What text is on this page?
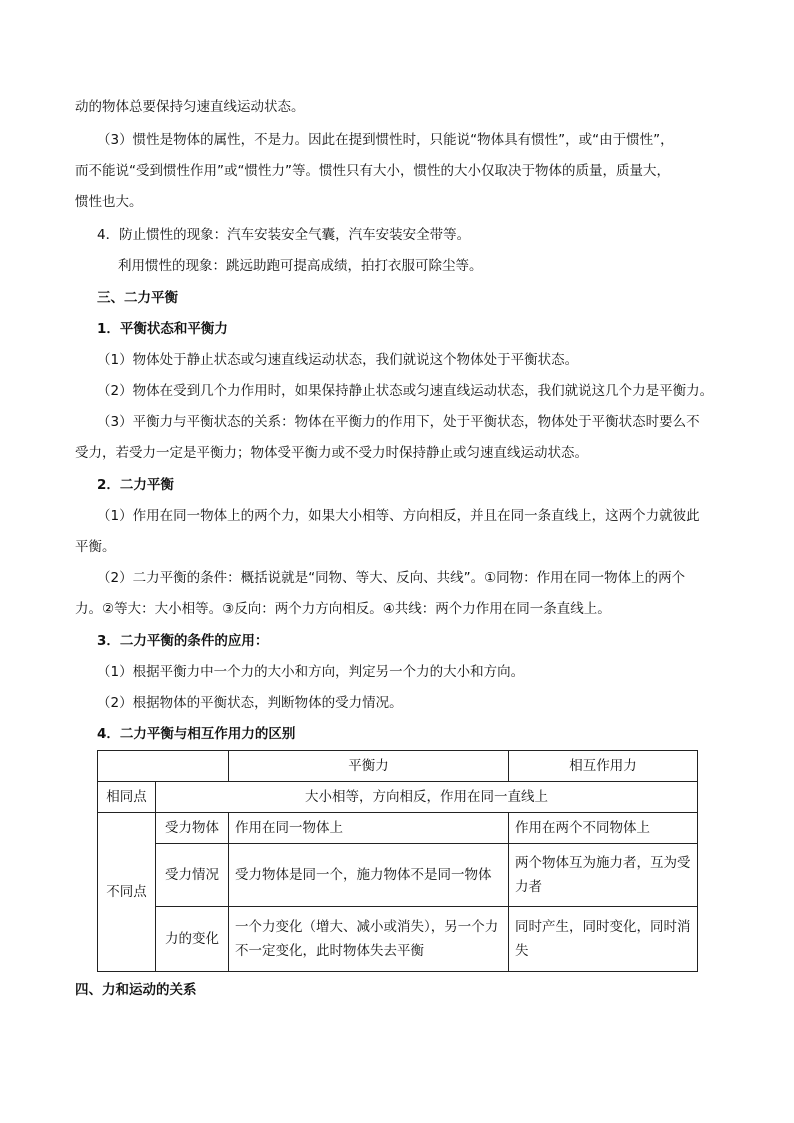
动的物体总要保持匀速直线运动状态。
（3）惯性是物体的属性，不是力。因此在提到惯性时，只能说“物体具有惯性”，或“由于惯性”，
而不能说“受到惯性作用”或“惯性力”等。惯性只有大小，惯性的大小仅取决于物体的质量，质量大，
惯性也大。
4．防止惯性的现象：汽车安装安全气囊，汽车安装安全带等。
利用惯性的现象：跳远助跑可提高成绩，拍打衣服可除尘等。
三、二力平衡
1．平衡状态和平衡力
（1）物体处于静止状态或匀速直线运动状态，我们就说这个物体处于平衡状态。
（2）物体在受到几个力作用时，如果保持静止状态或匀速直线运动状态，我们就说这几个力是平衡力。
（3）平衡力与平衡状态的关系：物体在平衡力的作用下，处于平衡状态，物体处于平衡状态时要么不
受力，若受力一定是平衡力；物体受平衡力或不受力时保持静止或匀速直线运动状态。
2．二力平衡
（1）作用在同一物体上的两个力，如果大小相等、方向相反，并且在同一条直线上，这两个力就彼此
平衡。
（2）二力平衡的条件：概括说就是“同物、等大、反向、共线”。①同物：作用在同一物体上的两个
力。②等大：大小相等。③反向：两个力方向相反。④共线：两个力作用在同一条直线上。
3．二力平衡的条件的应用：
（1）根据平衡力中一个力的大小和方向，判定另一个力的大小和方向。
（2）根据物体的平衡状态，判断物体的受力情况。
4．二力平衡与相互作用力的区别
		平衡力	相互作用力
相同点	大小相等，方向相反，作用在同一直线上		
不同点	受力物体	作用在同一物体上	作用在两个不同物体上
	受力情况	受力物体是同一个，施力物体不是同一物体	两个物体互为施力者，互为受力者
	力的变化	一个力变化（增大、减小或消失），另一个力不一定变化，此时物体失去平衡	同时产生，同时变化，同时消失
四、力和运动的关系
